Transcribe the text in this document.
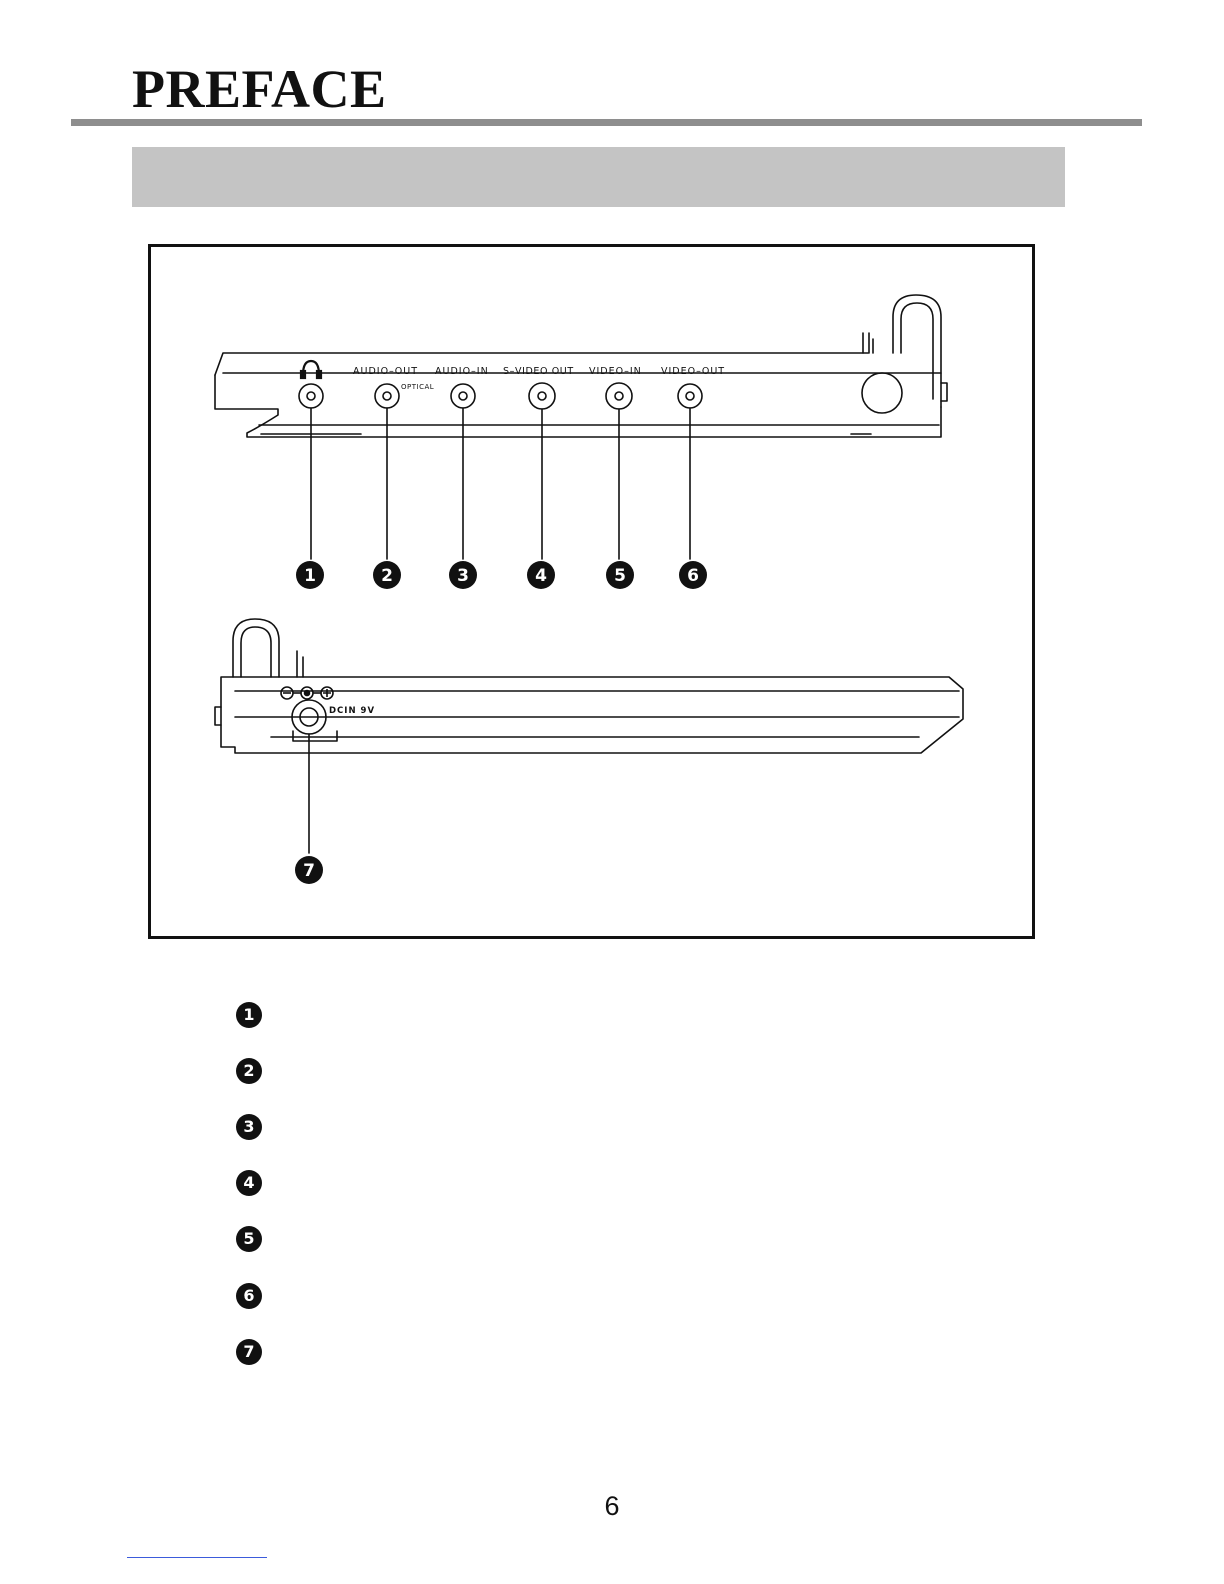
PREFACE
AUDIO–OUT
OPTICAL
AUDIO–IN S–VIDEO OUT VIDEO–IN VIDEO–OUT
DCIN 9V
1	2	3	4	5	6
7
1
2
3
4
5
6
7
6
